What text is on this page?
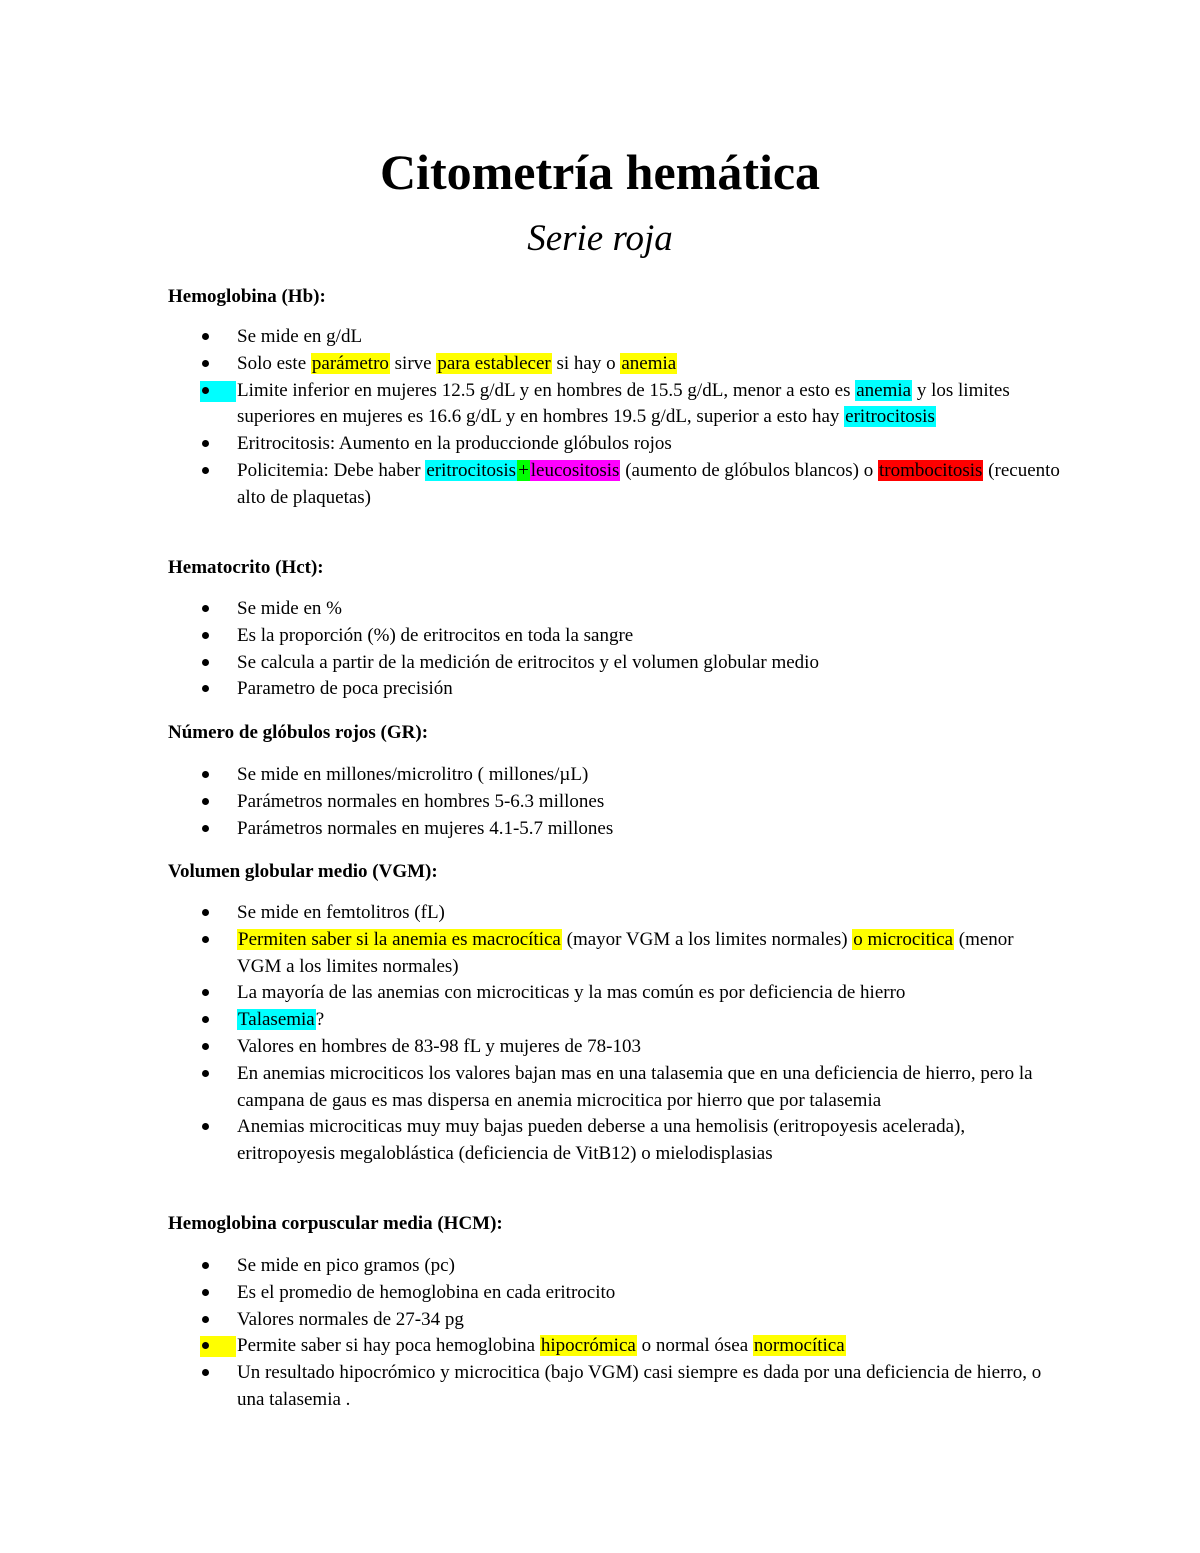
Citometría hemática
Serie roja
Hemoglobina (Hb):
Se mide en g/dL
Solo este parámetro sirve para establecer si hay o anemia
Limite inferior en mujeres 12.5 g/dL y en hombres de 15.5 g/dL, menor a esto es anemia y los limites superiores en mujeres es 16.6 g/dL y en hombres 19.5 g/dL, superior a esto hay eritrocitosis
Eritrocitosis: Aumento en la produccionde glóbulos rojos
Policitemia: Debe haber eritrocitosis + leucositosis (aumento de glóbulos blancos) o trombocitosis (recuento alto de plaquetas)
Hematocrito (Hct):
Se mide en %
Es la proporción (%) de eritrocitos en toda la sangre
Se calcula a partir de la medición de eritrocitos y el volumen globular medio
Parametro de poca precisión
Número de glóbulos rojos (GR):
Se mide en millones/microlitro ( millones/µL)
Parámetros normales en hombres 5-6.3 millones
Parámetros normales en mujeres 4.1-5.7 millones
Volumen globular medio (VGM):
Se mide en femtolitros (fL)
Permiten saber si la anemia es macrocítica (mayor VGM a los limites normales) o microcitica (menor VGM a los limites normales)
La mayoría de las anemias con microciticas y la mas común es por deficiencia de hierro
Talasemia?
Valores en hombres de 83-98 fL y mujeres de 78-103
En anemias microciticos los valores bajan mas en una talasemia que en una deficiencia de hierro, pero la campana de gaus es mas dispersa en anemia microcitica por hierro que por talasemia
Anemias microciticas muy muy bajas pueden deberse a una hemolisis (eritropoyesis acelerada), eritropoyesis megaloblástica (deficiencia de VitB12) o mielodisplasias
Hemoglobina corpuscular media (HCM):
Se mide en pico gramos (pc)
Es el promedio de hemoglobina en cada eritrocito
Valores normales de 27-34 pg
Permite saber si hay poca hemoglobina hipocrómica o normal ósea normocítica
Un resultado hipocrómico y microcitica (bajo VGM) casi siempre es dada por una deficiencia de hierro, o una talasemia .
